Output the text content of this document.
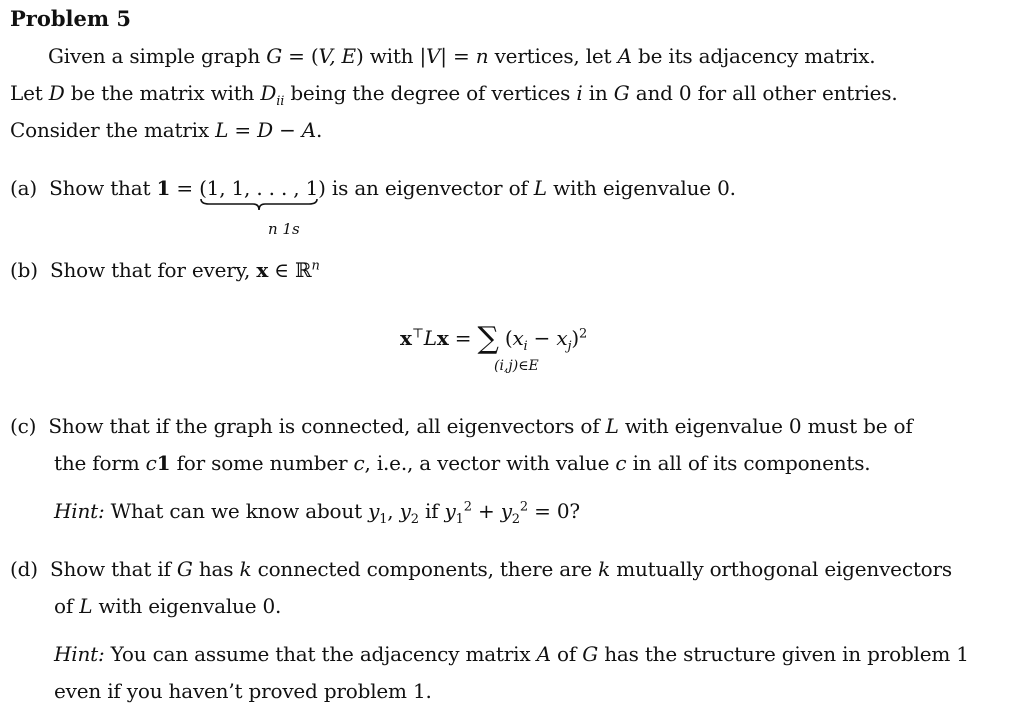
Problem 5
Given a simple graph G = (V, E) with |V| = n vertices, let A be its adjacency matrix.
Let D be the matrix with $D_{ii}$ being the degree of vertices i in G and 0 for all other entries.
Consider the matrix L = D − A.
(a) Show that 1 = (1, 1, . . . , 1) is an eigenvector of L with eigenvalue 0.
n 1s
(b) Show that for every, x ∈ ℝ$^n$
x⊤Lx = ∑ $(x_i - x_j)^2$
(i,j)∈E
(c) Show that if the graph is connected, all eigenvectors of L with eigenvalue 0 must be of
the form c1 for some number c, i.e., a vector with value c in all of its components.
Hint: What can we know about $y_1$, $y_2$ if $y_1^2 + y_2^2 = 0$?
(d) Show that if G has k connected components, there are k mutually orthogonal eigenvectors
of L with eigenvalue 0.
Hint: You can assume that the adjacency matrix A of G has the structure given in problem 1
even if you haven’t proved problem 1.
